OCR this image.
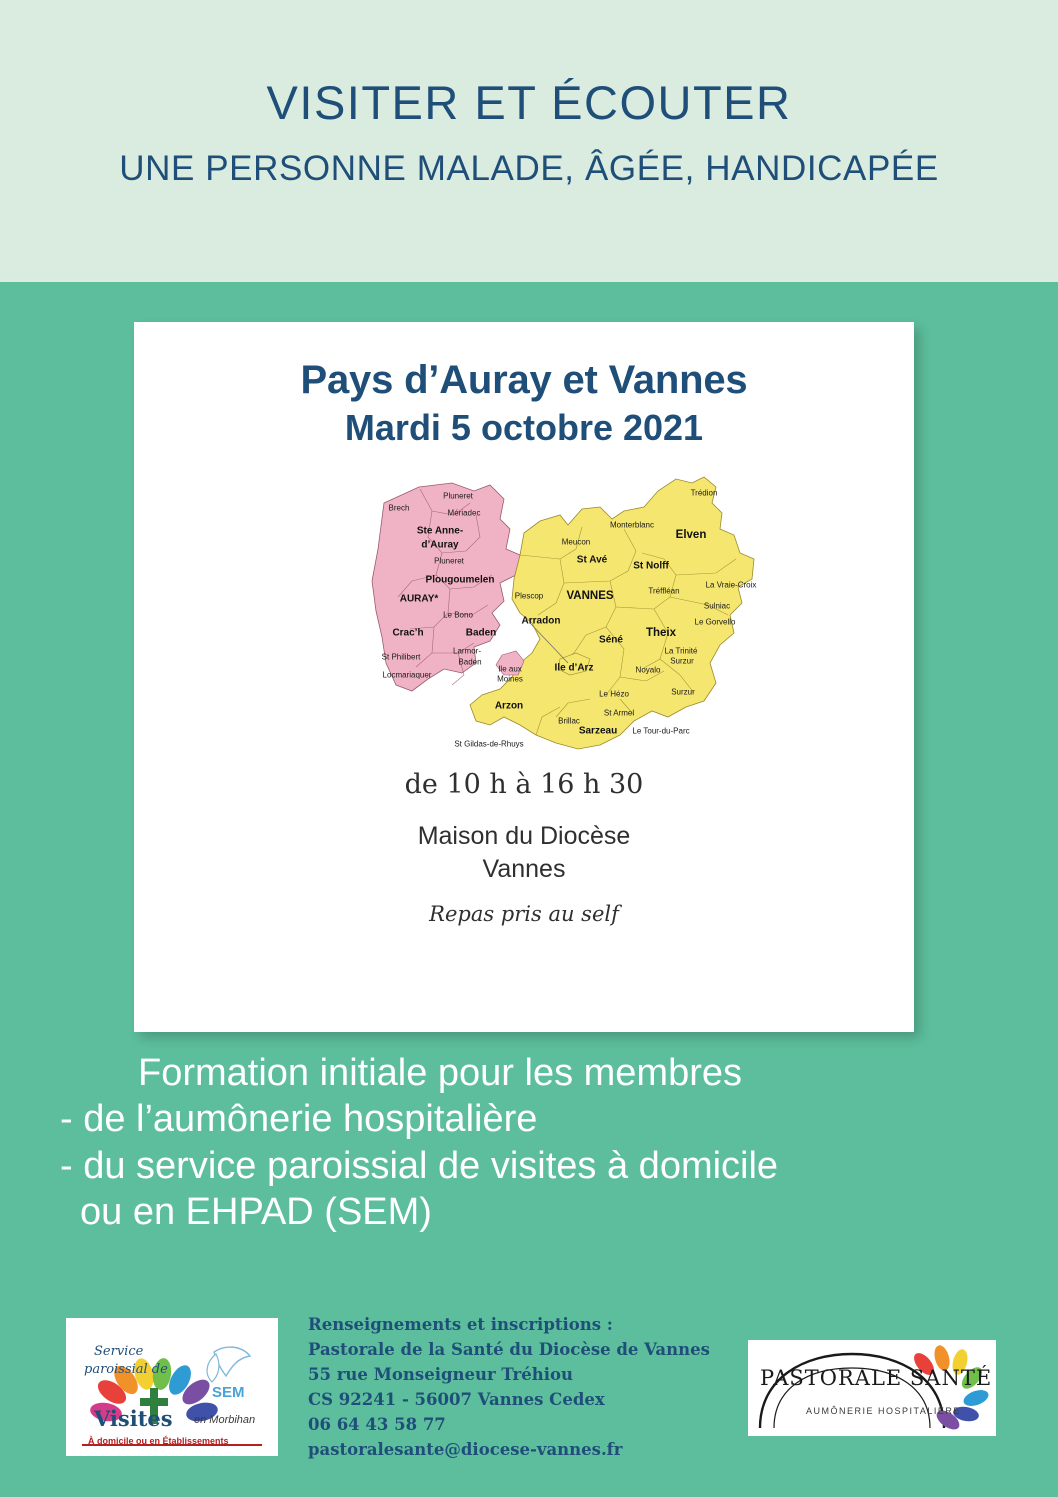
VISITER ET ÉCOUTER
UNE PERSONNE MALADE, ÂGÉE, HANDICAPÉE

Pays d’Auray et Vannes

Mardi 5 octobre 2021

Brech
Pluneret
Mériadec
Ste Anne-
d’Auray
Pluneret
Plougoumelen
AURAY*
Le Bono
Crac’h
St Philibert
Larmor-
Baden
Locmariaquer
Baden
Ile aux
Moines
Arradon
Plescop VANNES
Meucon
St Avé
Monterblanc
Elven
Trédion
St Nolff
Tréffléan
La Vraie-Croix
Sulniac
Le Gorvello
Theix
La Trinité
Surzur
Séné
Noyalo
Ile d’Arz
Le Hézo
St Armel
Surzur
Arzon
Brillac
Sarzeau Le Tour-du-Parc
St Gildas-de-Rhuys

de 10 h à 16 h 30

Maison du Diocèse

Vannes

Repas pris au self

Formation initiale pour les membres
- de l’aumônerie hospitalière
- du service paroissial de visites à domicile
ou en EHPAD (SEM)
Renseignements et inscriptions :
Pastorale de la Santé du Diocèse de Vannes
55 rue Monseigneur Tréhiou
CS 92241 - 56007 Vannes Cedex
06 64 43 58 77
pastoralesante@diocese-vannes.fr
Service
paroissial de
Visites en Morbihan
SEM
À domicile ou en Établissements
PASTORALE SANTÉ
AUMÔNERIE HOSPITALIÈRE
